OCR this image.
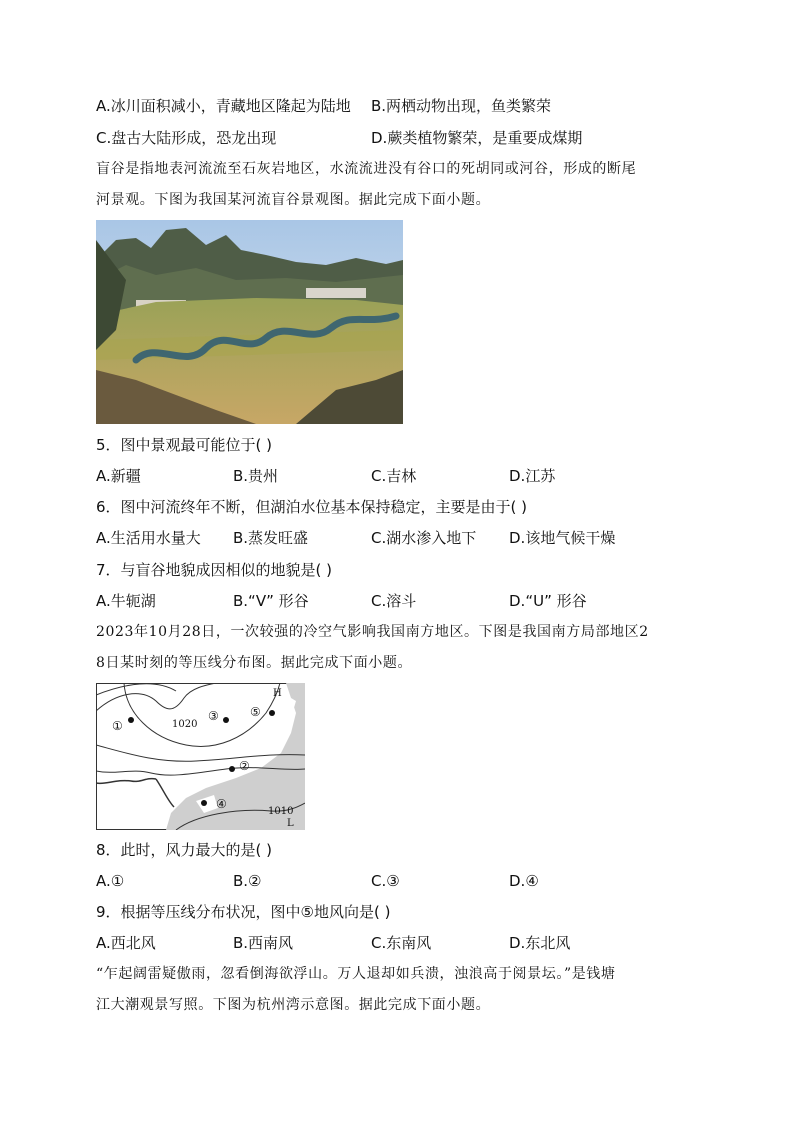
A.冰川面积减小，青藏地区隆起为陆地 B.两栖动物出现，鱼类繁荣
C.盘古大陆形成，恐龙出现	D.蕨类植物繁荣，是重要成煤期
盲谷是指地表河流流至石灰岩地区，水流流进没有谷口的死胡同或河谷，形成的断尾
河景观。下图为我国某河流盲谷景观图。据此完成下面小题。
5．图中景观最可能位于( )
A.新疆	B.贵州	C.吉林	D.江苏
6．图中河流终年不断，但湖泊水位基本保持稳定，主要是由于( )
A.生活用水量大 B.蒸发旺盛	C.湖水渗入地下 D.该地气候干燥
7．与盲谷地貌成因相似的地貌是( )
A.牛轭湖	B.“V” 形谷	C.溶斗	D.“U” 形谷
2023年10月28日，一次较强的冷空气影响我国南方地区。下图是我国南方局部地区2
8日某时刻的等压线分布图。据此完成下面小题。
①
③	⑤
②
④
1020
1010
H
L
8．此时，风力最大的是( )
A.①	B.②	C.③	D.④
9．根据等压线分布状况，图中⑤地风向是( )
A.西北风	B.西南风	C.东南风	D.东北风
“乍起阔雷疑傲雨，忽看倒海欲浮山。万人退却如兵溃，浊浪高于阅景坛。”是钱塘
江大潮观景写照。下图为杭州湾示意图。据此完成下面小题。
